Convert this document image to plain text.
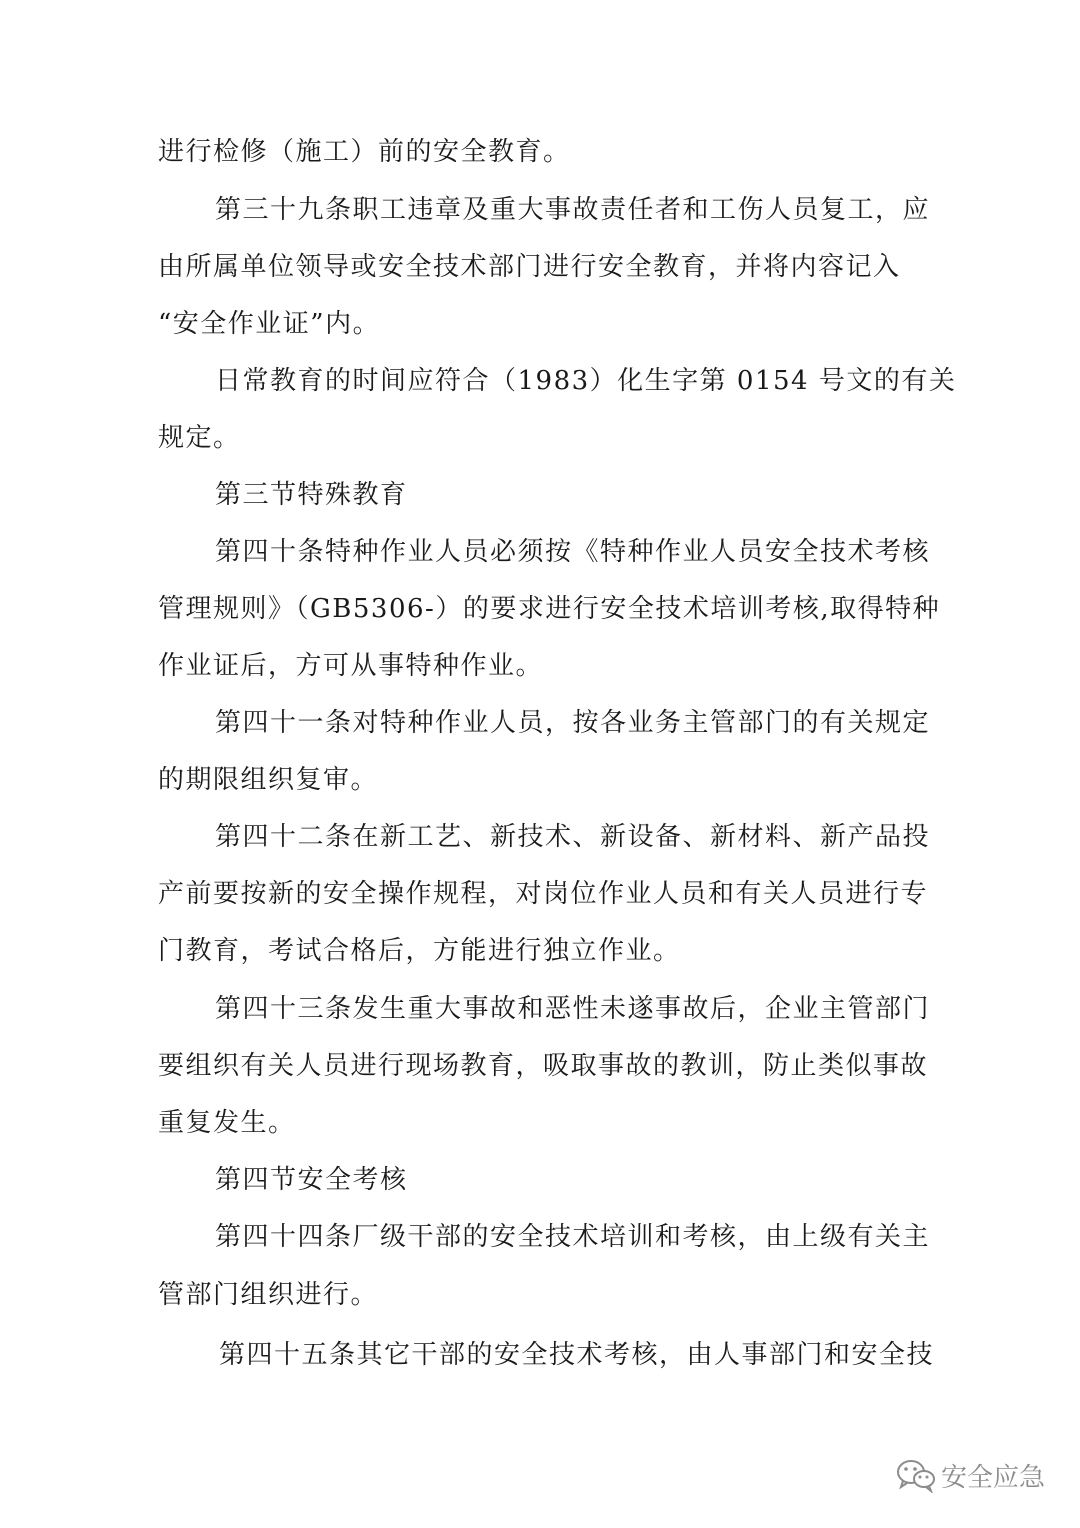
进行检修（施工）前的安全教育。
第三十九条职工违章及重大事故责任者和工伤人员复工，应
由所属单位领导或安全技术部门进行安全教育，并将内容记入
“安全作业证”内。
日常教育的时间应符合（1983）化生字第 0154 号文的有关
规定。
第三节特殊教育
第四十条特种作业人员必须按《特种作业人员安全技术考核
管理规则》（GB5306-）的要求进行安全技术培训考核,取得特种
作业证后，方可从事特种作业。
第四十一条对特种作业人员，按各业务主管部门的有关规定
的期限组织复审。
第四十二条在新工艺、新技术、新设备、新材料、新产品投
产前要按新的安全操作规程，对岗位作业人员和有关人员进行专
门教育，考试合格后，方能进行独立作业。
第四十三条发生重大事故和恶性未遂事故后，企业主管部门
要组织有关人员进行现场教育，吸取事故的教训，防止类似事故
重复发生。
第四节安全考核
第四十四条厂级干部的安全技术培训和考核，由上级有关主
管部门组织进行。
第四十五条其它干部的安全技术考核，由人事部门和安全技
安全应急
